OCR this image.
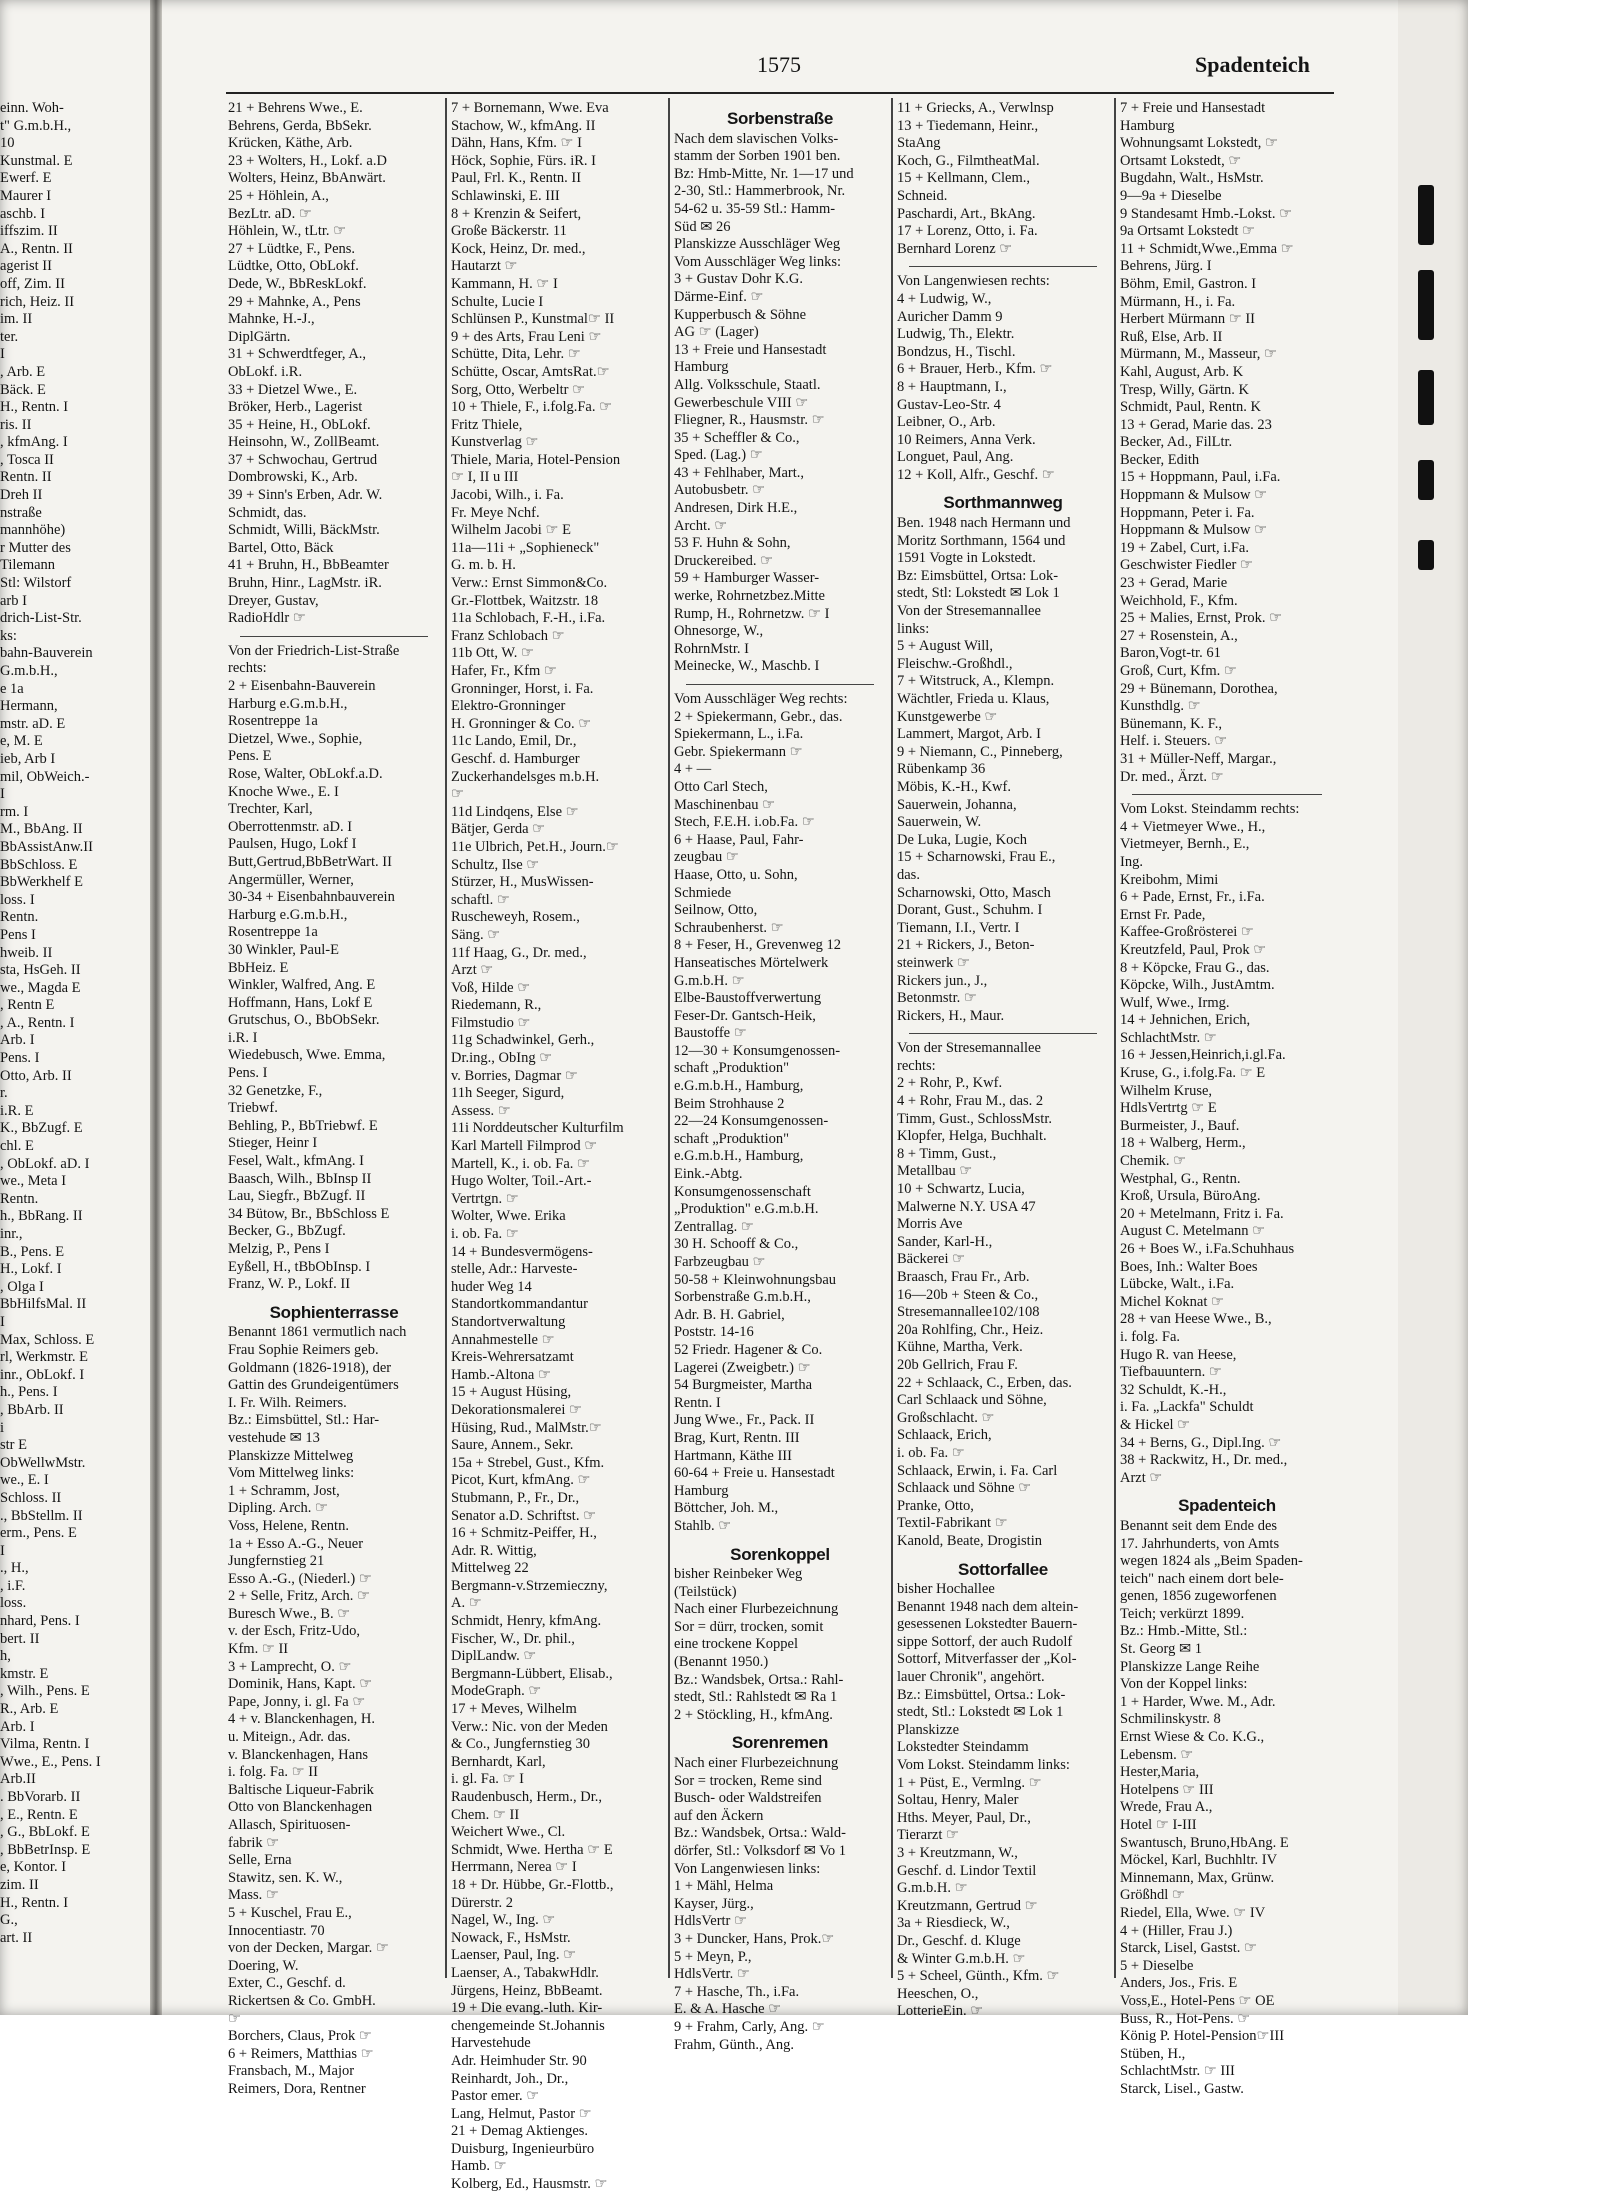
1575	Spadenteich
einn. Woh-
t" G.m.b.H.,
10
Kunstmal. E
Ewerf. E
Maurer I
aschb. I
iffszim. II
A., Rentn. II
agerist II
off, Zim. II
rich, Heiz. II
im. II
ter.
I
, Arb. E
Bäck. E
H., Rentn. I
ris. II
, kfmAng. I
, Tosca II
Rentn. II
Dreh II
nstraße
mannhöhe)
r Mutter des
Tilemann
Stl: Wilstorf
arb I
drich-List-Str.
ks:
bahn-Bauverein
G.m.b.H.,
e 1a
Hermann,
mstr. aD. E
e, M. E
ieb, Arb I
mil, ObWeich.-
I
rm. I
M., BbAng. II
BbAssistAnw.II
BbSchloss. E
BbWerkhelf E
loss. I
Rentn.
Pens I
hweib. II
sta, HsGeh. II
we., Magda E
, Rentn E
, A., Rentn. I
Arb. I
Pens. I
Otto, Arb. II
r.
i.R. E
K., BbZugf. E
chl. E
, ObLokf. aD. I
we., Meta I
Rentn.
h., BbRang. II
inr.,
B., Pens. E
H., Lokf. I
, Olga I
BbHilfsMal. II
I
Max, Schloss. E
rl, Werkmstr. E
inr., ObLokf. I
h., Pens. I
, BbArb. II
i
str E
ObWellwMstr.
we., E. I
Schloss. II
., BbStellm. II
erm., Pens. E
I
., H.,
, i.F.
loss.
nhard, Pens. I
bert. II
h,
kmstr. E
, Wilh., Pens. E
R., Arb. E
Arb. I
Vilma, Rentn. I
Wwe., E., Pens. I
Arb.II
. BbVorarb. II
, E., Rentn. E
, G., BbLokf. E
, BbBetrInsp. E
e, Kontor. I
zim. II
H., Rentn. I
G.,
art. II
21 + Behrens Wwe., E.
Behrens, Gerda, BbSekr.
Krücken, Käthe, Arb.
23 + Wolters, H., Lokf. a.D
Wolters, Heinz, BbAnwärt.
25 + Höhlein, A.,
BezLtr. aD. ☞
Höhlein, W., tLtr. ☞
27 + Lüdtke, F., Pens.
Lüdtke, Otto, ObLokf.
Dede, W., BbReskLokf.
29 + Mahnke, A., Pens
Mahnke, H.-J.,
DiplGärtn.
31 + Schwerdtfeger, A.,
ObLokf. i.R.
33 + Dietzel Wwe., E.
Bröker, Herb., Lagerist
35 + Heine, H., ObLokf.
Heinsohn, W., ZollBeamt.
37 + Schwochau, Gertrud
Dombrowski, K., Arb.
39 + Sinn's Erben, Adr. W.
Schmidt, das.
Schmidt, Willi, BäckMstr.
Bartel, Otto, Bäck
41 + Bruhn, H., BbBeamter
Bruhn, Hinr., LagMstr. iR.
Dreyer, Gustav,
RadioHdlr ☞
Von der Friedrich-List-Straße
rechts:
2 + Eisenbahn-Bauverein
Harburg e.G.m.b.H.,
Rosentreppe 1a
Dietzel, Wwe., Sophie,
Pens. E
Rose, Walter, ObLokf.a.D.
Knoche Wwe., E. I
Trechter, Karl,
Oberrottenmstr. aD. I
Paulsen, Hugo, Lokf I
Butt,Gertrud,BbBetrWart. II
Angermüller, Werner,
30-34 + Eisenbahnbauverein
Harburg e.G.m.b.H.,
Rosentreppe 1a
30 Winkler, Paul-E
BbHeiz. E
Winkler, Walfred, Ang. E
Hoffmann, Hans, Lokf E
Grutschus, O., BbObSekr.
i.R. I
Wiedebusch, Wwe. Emma,
Pens. I
32 Genetzke, F.,
Triebwf.
Behling, P., BbTriebwf. E
Stieger, Heinr I
Fesel, Walt., kfmAng. I
Baasch, Wilh., BbInsp II
Lau, Siegfr., BbZugf. II
34 Bütow, Br., BbSchloss E
Becker, G., BbZugf.
Melzig, P., Pens I
Eyßell, H., tBbObInsp. I
Franz, W. P., Lokf. II
Sophienterrasse
Benannt 1861 vermutlich nach
Frau Sophie Reimers geb.
Goldmann (1826-1918), der
Gattin des Grundeigentümers
I. Fr. Wilh. Reimers.
Bz.: Eimsbüttel, Stl.: Har-
vestehude ✉ 13
Planskizze Mittelweg
Vom Mittelweg links:
1 + Schramm, Jost,
Dipling. Arch. ☞
Voss, Helene, Rentn.
1a + Esso A.-G., Neuer
Jungfernstieg 21
Esso A.-G., (Niederl.) ☞
2 + Selle, Fritz, Arch. ☞
Buresch Wwe., B. ☞
v. der Esch, Fritz-Udo,
Kfm. ☞ II
3 + Lamprecht, O. ☞
Dominik, Hans, Kapt. ☞
Pape, Jonny, i. gl. Fa ☞
4 + v. Blanckenhagen, H.
u. Miteign., Adr. das.
v. Blanckenhagen, Hans
i. folg. Fa. ☞ II
Baltische Liqueur-Fabrik
Otto von Blanckenhagen
Allasch, Spirituosen-
fabrik ☞
Selle, Erna
Stawitz, sen. K. W.,
Mass. ☞
5 + Kuschel, Frau E.,
Innocentiastr. 70
von der Decken, Margar. ☞
Doering, W.
Exter, C., Geschf. d.
Rickertsen & Co. GmbH.
☞
Borchers, Claus, Prok ☞
6 + Reimers, Matthias ☞
Fransbach, M., Major
Reimers, Dora, Rentner
7 + Bornemann, Wwe. Eva
Stachow, W., kfmAng. II
Dähn, Hans, Kfm. ☞ I
Höck, Sophie, Fürs. iR. I
Paul, Frl. K., Rentn. II
Schlawinski, E. III
8 + Krenzin & Seifert,
Große Bäckerstr. 11
Kock, Heinz, Dr. med.,
Hautarzt ☞
Kammann, H. ☞ I
Schulte, Lucie I
Schlünsen P., Kunstmal☞ II
9 + des Arts, Frau Leni ☞
Schütte, Dita, Lehr. ☞
Schütte, Oscar, AmtsRat.☞
Sorg, Otto, Werbeltr ☞
10 + Thiele, F., i.folg.Fa. ☞
Fritz Thiele,
Kunstverlag ☞
Thiele, Maria, Hotel-Pension
☞ I, II u III
Jacobi, Wilh., i. Fa.
Fr. Meye Nchf.
Wilhelm Jacobi ☞ E
11a—11i + „Sophieneck"
G. m. b. H.
Verw.: Ernst Simmon&Co.
Gr.-Flottbek, Waitzstr. 18
11a Schlobach, F.-H., i.Fa.
Franz Schlobach ☞
11b Ott, W. ☞
Hafer, Fr., Kfm ☞
Gronninger, Horst, i. Fa.
Elektro-Gronninger
H. Gronninger & Co. ☞
11c Lando, Emil, Dr.,
Geschf. d. Hamburger
Zuckerhandelsges m.b.H.
☞
11d Lindqens, Else ☞
Bätjer, Gerda ☞
11e Ulbrich, Pet.H., Journ.☞
Schultz, Ilse ☞
Stürzer, H., MusWissen-
schaftl. ☞
Ruscheweyh, Rosem.,
Säng. ☞
11f Haag, G., Dr. med.,
Arzt ☞
Voß, Hilde ☞
Riedemann, R.,
Filmstudio ☞
11g Schadwinkel, Gerh.,
Dr.ing., ObIng ☞
v. Borries, Dagmar ☞
11h Seeger, Sigurd,
Assess. ☞
11i Norddeutscher Kulturfilm
Karl Martell Filmprod ☞
Martell, K., i. ob. Fa. ☞
Hugo Wolter, Toil.-Art.-
Vertrtgn. ☞
Wolter, Wwe. Erika
i. ob. Fa. ☞
14 + Bundesvermögens-
stelle, Adr.: Harveste-
huder Weg 14
Standortkommandantur
Standortverwaltung
Annahmestelle ☞
Kreis-Wehrersatzamt
Hamb.-Altona ☞
15 + August Hüsing,
Dekorationsmalerei ☞
Hüsing, Rud., MalMstr.☞
Saure, Annem., Sekr.
15a + Strebel, Gust., Kfm.
Picot, Kurt, kfmAng. ☞
Stubmann, P., Fr., Dr.,
Senator a.D. Schriftst. ☞
16 + Schmitz-Peiffer, H.,
Adr. R. Wittig,
Mittelweg 22
Bergmann-v.Strzemieczny,
A. ☞
Schmidt, Henry, kfmAng.
Fischer, W., Dr. phil.,
DiplLandw. ☞
Bergmann-Lübbert, Elisab.,
ModeGraph. ☞
17 + Meves, Wilhelm
Verw.: Nic. von der Meden
& Co., Jungfernstieg 30
Bernhardt, Karl,
i. gl. Fa. ☞ I
Raudenbusch, Herm., Dr.,
Chem. ☞ II
Weichert Wwe., Cl.
Schmidt, Wwe. Hertha ☞ E
Herrmann, Nerea ☞ I
18 + Dr. Hübbe, Gr.-Flottb.,
Dürerstr. 2
Nagel, W., Ing. ☞
Nowack, F., HsMstr.
Laenser, Paul, Ing. ☞
Laenser, A., TabakwHdlr.
Jürgens, Heinz, BbBeamt.
19 + Die evang.-luth. Kir-
chengemeinde St.Johannis
Harvestehude
Adr. Heimhuder Str. 90
Reinhardt, Joh., Dr.,
Pastor emer. ☞
Lang, Helmut, Pastor ☞
21 + Demag Aktienges.
Duisburg, Ingenieurbüro
Hamb. ☞
Kolberg, Ed., Hausmstr. ☞
Sorbenstraße
Nach dem slavischen Volks-
stamm der Sorben 1901 ben.
Bz: Hmb-Mitte, Nr. 1—17 und
2-30, Stl.: Hammerbrook, Nr.
54-62 u. 35-59 Stl.: Hamm-
Süd ✉ 26
Planskizze Ausschläger Weg
Vom Ausschläger Weg links:
3 + Gustav Dohr K.G.
Därme-Einf. ☞
Kupperbusch & Söhne
AG ☞ (Lager)
13 + Freie und Hansestadt
Hamburg
Allg. Volksschule, Staatl.
Gewerbeschule VIII ☞
Fliegner, R., Hausmstr. ☞
35 + Scheffler & Co.,
Sped. (Lag.) ☞
43 + Fehlhaber, Mart.,
Autobusbetr. ☞
Andresen, Dirk H.E.,
Archt. ☞
53 F. Huhn & Sohn,
Druckereibed. ☞
59 + Hamburger Wasser-
werke, Rohrnetzbez.Mitte
Rump, H., Rohrnetzw. ☞ I
Ohnesorge, W.,
RohrnMstr. I
Meinecke, W., Maschb. I
Vom Ausschläger Weg rechts:
2 + Spiekermann, Gebr., das.
Spiekermann, L., i.Fa.
Gebr. Spiekermann ☞
4 + —
Otto Carl Stech,
Maschinenbau ☞
Stech, F.E.H. i.ob.Fa. ☞
6 + Haase, Paul, Fahr-
zeugbau ☞
Haase, Otto, u. Sohn,
Schmiede
Seilnow, Otto,
Schraubenherst. ☞
8 + Feser, H., Grevenweg 12
Hanseatisches Mörtelwerk
G.m.b.H. ☞
Elbe-Baustoffverwertung
Feser-Dr. Gantsch-Heik,
Baustoffe ☞
12—30 + Konsumgenossen-
schaft „Produktion"
e.G.m.b.H., Hamburg,
Beim Strohhause 2
22—24 Konsumgenossen-
schaft „Produktion"
e.G.m.b.H., Hamburg,
Eink.-Abtg.
Konsumgenossenschaft
„Produktion" e.G.m.b.H.
Zentrallag. ☞
30 H. Schooff & Co.,
Farbzeugbau ☞
50-58 + Kleinwohnungsbau
Sorbenstraße G.m.b.H.,
Adr. B. H. Gabriel,
Poststr. 14-16
52 Friedr. Hagener & Co.
Lagerei (Zweigbetr.) ☞
54 Burgmeister, Martha
Rentn. I
Jung Wwe., Fr., Pack. II
Brag, Kurt, Rentn. III
Hartmann, Käthe III
60-64 + Freie u. Hansestadt
Hamburg
Böttcher, Joh. M.,
Stahlb. ☞
Sorenkoppel
bisher Reinbeker Weg
(Teilstück)
Nach einer Flurbezeichnung
Sor = dürr, trocken, somit
eine trockene Koppel
(Benannt 1950.)
Bz.: Wandsbek, Ortsa.: Rahl-
stedt, Stl.: Rahlstedt ✉ Ra 1
2 + Stöckling, H., kfmAng.
Sorenremen
Nach einer Flurbezeichnung
Sor = trocken, Reme sind
Busch- oder Waldstreifen
auf den Äckern
Bz.: Wandsbek, Ortsa.: Wald-
dörfer, Stl.: Volksdorf ✉ Vo 1
Von Langenwiesen links:
1 + Mähl, Helma
Kayser, Jürg.,
HdlsVertr ☞
3 + Duncker, Hans, Prok.☞
5 + Meyn, P.,
HdlsVertr. ☞
7 + Hasche, Th., i.Fa.
E. & A. Hasche ☞
9 + Frahm, Carly, Ang. ☞
Frahm, Günth., Ang.
11 + Griecks, A., Verwlnsp
13 + Tiedemann, Heinr.,
StaAng
Koch, G., FilmtheatMal.
15 + Kellmann, Clem.,
Schneid.
Paschardi, Art., BkAng.
17 + Lorenz, Otto, i. Fa.
Bernhard Lorenz ☞
Von Langenwiesen rechts:
4 + Ludwig, W.,
Auricher Damm 9
Ludwig, Th., Elektr.
Bondzus, H., Tischl.
6 + Brauer, Herb., Kfm. ☞
8 + Hauptmann, I.,
Gustav-Leo-Str. 4
Leibner, O., Arb.
10 Reimers, Anna Verk.
Longuet, Paul, Ang.
12 + Koll, Alfr., Geschf. ☞
Sorthmannweg
Ben. 1948 nach Hermann und
Moritz Sorthmann, 1564 und
1591 Vogte in Lokstedt.
Bz: Eimsbüttel, Ortsa: Lok-
stedt, Stl: Lokstedt ✉ Lok 1
Von der Stresemannallee
links:
5 + August Will,
Fleischw.-Großhdl.,
7 + Witstruck, A., Klempn.
Wächtler, Frieda u. Klaus,
Kunstgewerbe ☞
Lammert, Margot, Arb. I
9 + Niemann, C., Pinneberg,
Rübenkamp 36
Möbis, K.-H., Kwf.
Sauerwein, Johanna,
Sauerwein, W.
De Luka, Lugie, Koch
15 + Scharnowski, Frau E.,
das.
Scharnowski, Otto, Masch
Dorant, Gust., Schuhm. I
Tiemann, I.I., Vertr. I
21 + Rickers, J., Beton-
steinwerk ☞
Rickers jun., J.,
Betonmstr. ☞
Rickers, H., Maur.
Von der Stresemannallee
rechts:
2 + Rohr, P., Kwf.
4 + Rohr, Frau M., das. 2
Timm, Gust., SchlossMstr.
Klopfer, Helga, Buchhalt.
8 + Timm, Gust.,
Metallbau ☞
10 + Schwartz, Lucia,
Malwerne N.Y. USA 47
Morris Ave
Sander, Karl-H.,
Bäckerei ☞
Braasch, Frau Fr., Arb.
16—20b + Steen & Co.,
Stresemannallee102/108
20a Rohlfing, Chr., Heiz.
Kühne, Martha, Verk.
20b Gellrich, Frau F.
22 + Schlaack, C., Erben, das.
Carl Schlaack und Söhne,
Großschlacht. ☞
Schlaack, Erich,
i. ob. Fa. ☞
Schlaack, Erwin, i. Fa. Carl
Schlaack und Söhne ☞
Pranke, Otto,
Textil-Fabrikant ☞
Kanold, Beate, Drogistin
Sottorfallee
bisher Hochallee
Benannt 1948 nach dem altein-
gesessenen Lokstedter Bauern-
sippe Sottorf, der auch Rudolf
Sottorf, Mitverfasser der „Kol-
lauer Chronik", angehört.
Bz.: Eimsbüttel, Ortsa.: Lok-
stedt, Stl.: Lokstedt ✉ Lok 1
Planskizze
Lokstedter Steindamm
Vom Lokst. Steindamm links:
1 + Püst, E., Vermlng. ☞
Soltau, Henry, Maler
Hths. Meyer, Paul, Dr.,
Tierarzt ☞
3 + Kreutzmann, W.,
Geschf. d. Lindor Textil
G.m.b.H. ☞
Kreutzmann, Gertrud ☞
3a + Riesdieck, W.,
Dr., Geschf. d. Kluge
& Winter G.m.b.H. ☞
5 + Scheel, Günth., Kfm. ☞
Heeschen, O.,
LotterieEin. ☞
7 + Freie und Hansestadt
Hamburg
Wohnungsamt Lokstedt, ☞
Ortsamt Lokstedt, ☞
Bugdahn, Walt., HsMstr.
9—9a + Dieselbe
9 Standesamt Hmb.-Lokst. ☞
9a Ortsamt Lokstedt ☞
11 + Schmidt,Wwe.,Emma ☞
Behrens, Jürg. I
Böhm, Emil, Gastron. I
Mürmann, H., i. Fa.
Herbert Mürmann ☞ II
Ruß, Else, Arb. II
Mürmann, M., Masseur, ☞
Kahl, August, Arb. K
Tresp, Willy, Gärtn. K
Schmidt, Paul, Rentn. K
13 + Gerad, Marie das. 23
Becker, Ad., FilLtr.
Becker, Edith
15 + Hoppmann, Paul, i.Fa.
Hoppmann & Mulsow ☞
Hoppmann, Peter i. Fa.
Hoppmann & Mulsow ☞
19 + Zabel, Curt, i.Fa.
Geschwister Fiedler ☞
23 + Gerad, Marie
Weichhold, F., Kfm.
25 + Malies, Ernst, Prok. ☞
27 + Rosenstein, A.,
Baron,Vogt-tr. 61
Groß, Curt, Kfm. ☞
29 + Bünemann, Dorothea,
Kunsthdlg. ☞
Bünemann, K. F.,
Helf. i. Steuers. ☞
31 + Müller-Neff, Margar.,
Dr. med., Ärzt. ☞
Vom Lokst. Steindamm rechts:
4 + Vietmeyer Wwe., H.,
Vietmeyer, Bernh., E.,
Ing.
Kreibohm, Mimi
6 + Pade, Ernst, Fr., i.Fa.
Ernst Fr. Pade,
Kaffee-Großrösterei ☞
Kreutzfeld, Paul, Prok ☞
8 + Köpcke, Frau G., das.
Köpcke, Wilh., JustAmtm.
Wulf, Wwe., Irmg.
14 + Jehnichen, Erich,
SchlachtMstr. ☞
16 + Jessen,Heinrich,i.gl.Fa.
Kruse, G., i.folg.Fa. ☞ E
Wilhelm Kruse,
HdlsVertrtg ☞ E
Burmeister, J., Bauf.
18 + Walberg, Herm.,
Chemik. ☞
Westphal, G., Rentn.
Kroß, Ursula, BüroAng.
20 + Metelmann, Fritz i. Fa.
August C. Metelmann ☞
26 + Boes W., i.Fa.Schuhhaus
Boes, Inh.: Walter Boes
Lübcke, Walt., i.Fa.
Michel Koknat ☞
28 + van Heese Wwe., B.,
i. folg. Fa.
Hugo R. van Heese,
Tiefbauuntern. ☞
32 Schuldt, K.-H.,
i. Fa. „Lackfa" Schuldt
& Hickel ☞
34 + Berns, G., Dipl.Ing. ☞
38 + Rackwitz, H., Dr. med.,
Arzt ☞
Spadenteich
Benannt seit dem Ende des
17. Jahrhunderts, von Amts
wegen 1824 als „Beim Spaden-
teich" nach einem dort bele-
genen, 1856 zugeworfenen
Teich; verkürzt 1899.
Bz.: Hmb.-Mitte, Stl.:
St. Georg ✉ 1
Planskizze Lange Reihe
Von der Koppel links:
1 + Harder, Wwe. M., Adr.
Schmilinskystr. 8
Ernst Wiese & Co. K.G.,
Lebensm. ☞
Hester,Maria,
Hotelpens ☞ III
Wrede, Frau A.,
Hotel ☞ I-III
Swantusch, Bruno,HbAng. E
Möckel, Karl, Buchhltr. IV
Minnemann, Max, Grünw.
Größhdl ☞
Riedel, Ella, Wwe. ☞ IV
4 + (Hiller, Frau J.)
Starck, Lisel, Gastst. ☞
5 + Dieselbe
Anders, Jos., Fris. E
Voss,E., Hotel-Pens ☞ OE
Buss, R., Hot-Pens. ☞
König P. Hotel-Pension☞III
Stüben, H.,
SchlachtMstr. ☞ III
Starck, Lisel., Gastw.
